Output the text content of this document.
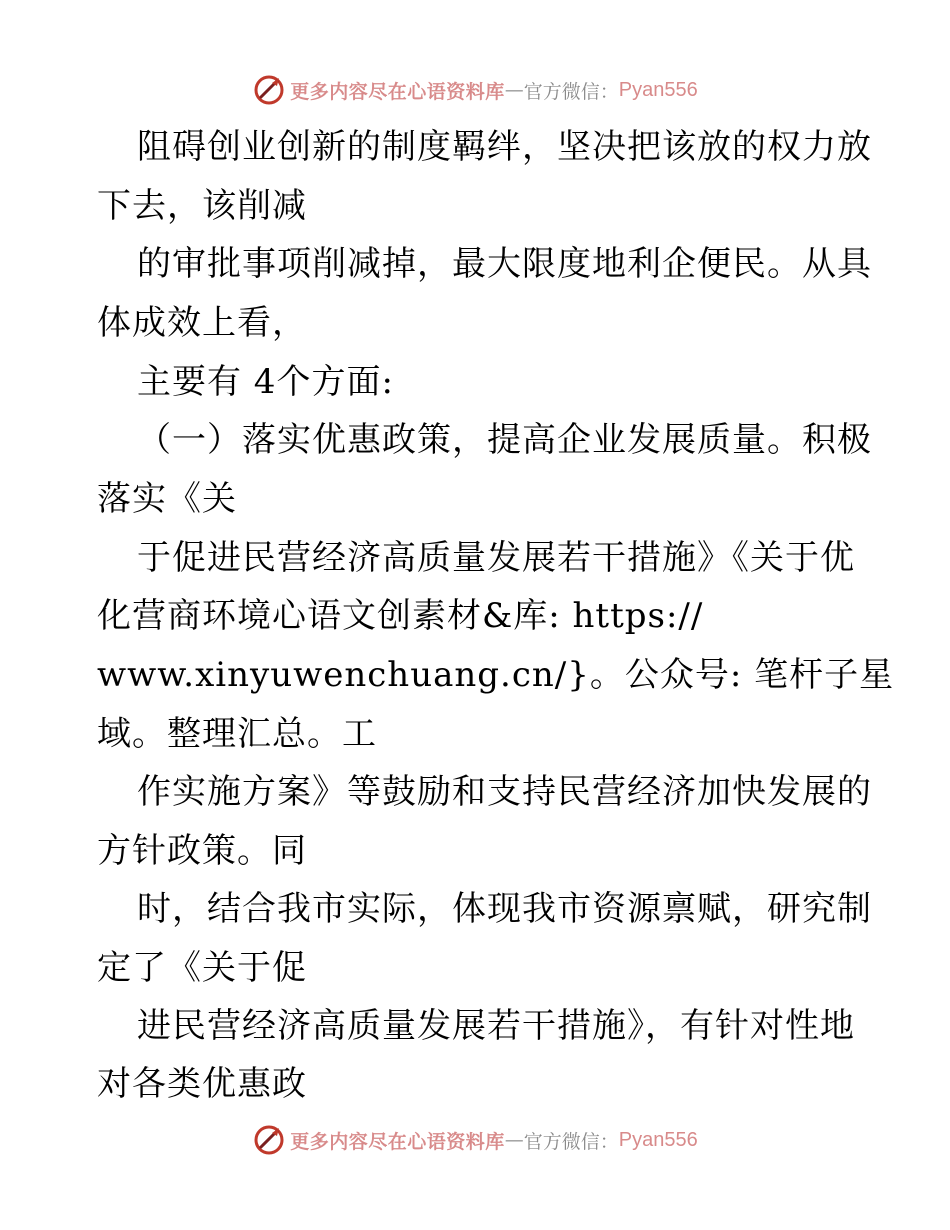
更多内容尽在心语资料库 — 官方微信： Pyan556
阻碍创业创新的制度羁绊，坚决把该放的权力放
下去，该削减
的审批事项削减掉，最大限度地利企便民。从具
体成效上看，
主要有 4个方面:
（一）落实优惠政策，提高企业发展质量。积极
落实《关
于促进民营经济高质量发展若干措施》《关于优
化营商环境心语文创素材&库: https://
www.xinyuwenchuang.cn/}。公众号: 笔杆子星
域。整理汇总。工
作实施方案》等鼓励和支持民营经济加快发展的
方针政策。同
时，结合我市实际，体现我市资源禀赋，研究制
定了《关于促
进民营经济高质量发展若干措施》，有针对性地
对各类优惠政
更多内容尽在心语资料库 — 官方微信： Pyan556
